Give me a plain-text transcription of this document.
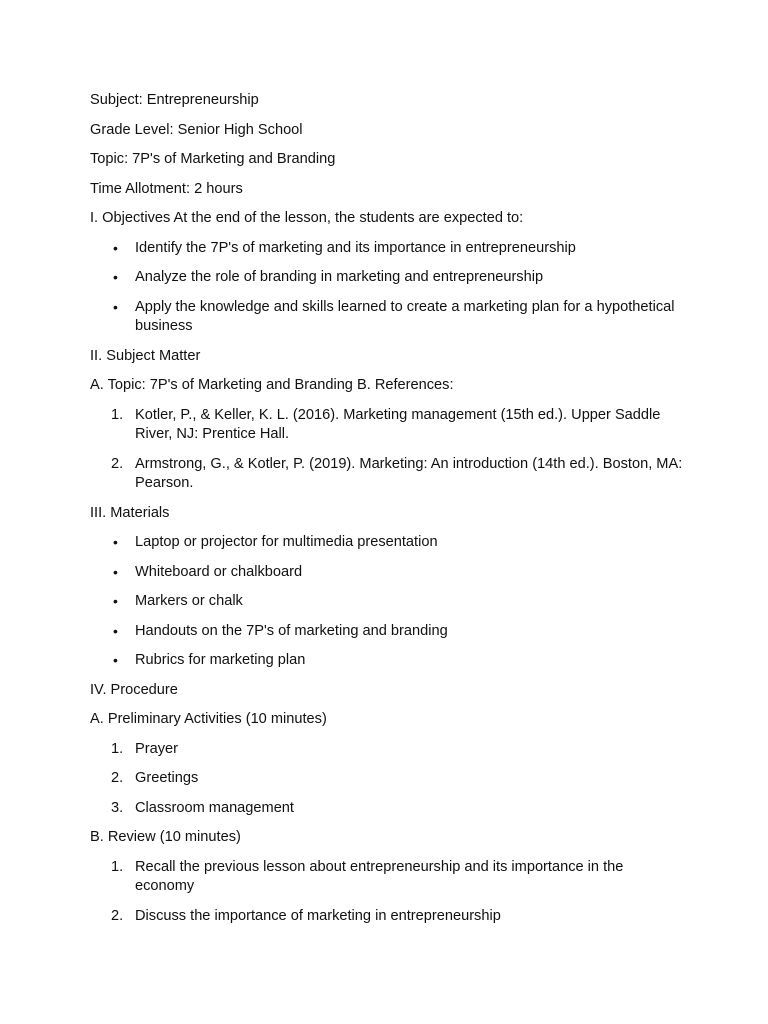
Subject: Entrepreneurship

Grade Level: Senior High School

Topic: 7P's of Marketing and Branding

Time Allotment: 2 hours

I. Objectives At the end of the lesson, the students are expected to:

• Identify the 7P's of marketing and its importance in entrepreneurship
• Analyze the role of branding in marketing and entrepreneurship
• Apply the knowledge and skills learned to create a marketing plan for a hypothetical business

II. Subject Matter

A. Topic: 7P's of Marketing and Branding B. References:

1. Kotler, P., & Keller, K. L. (2016). Marketing management (15th ed.). Upper Saddle River, NJ: Prentice Hall.
2. Armstrong, G., & Kotler, P. (2019). Marketing: An introduction (14th ed.). Boston, MA: Pearson.

III. Materials

• Laptop or projector for multimedia presentation
• Whiteboard or chalkboard
• Markers or chalk
• Handouts on the 7P's of marketing and branding
• Rubrics for marketing plan

IV. Procedure

A. Preliminary Activities (10 minutes)

1. Prayer
2. Greetings
3. Classroom management

B. Review (10 minutes)

1. Recall the previous lesson about entrepreneurship and its importance in the economy
2. Discuss the importance of marketing in entrepreneurship
